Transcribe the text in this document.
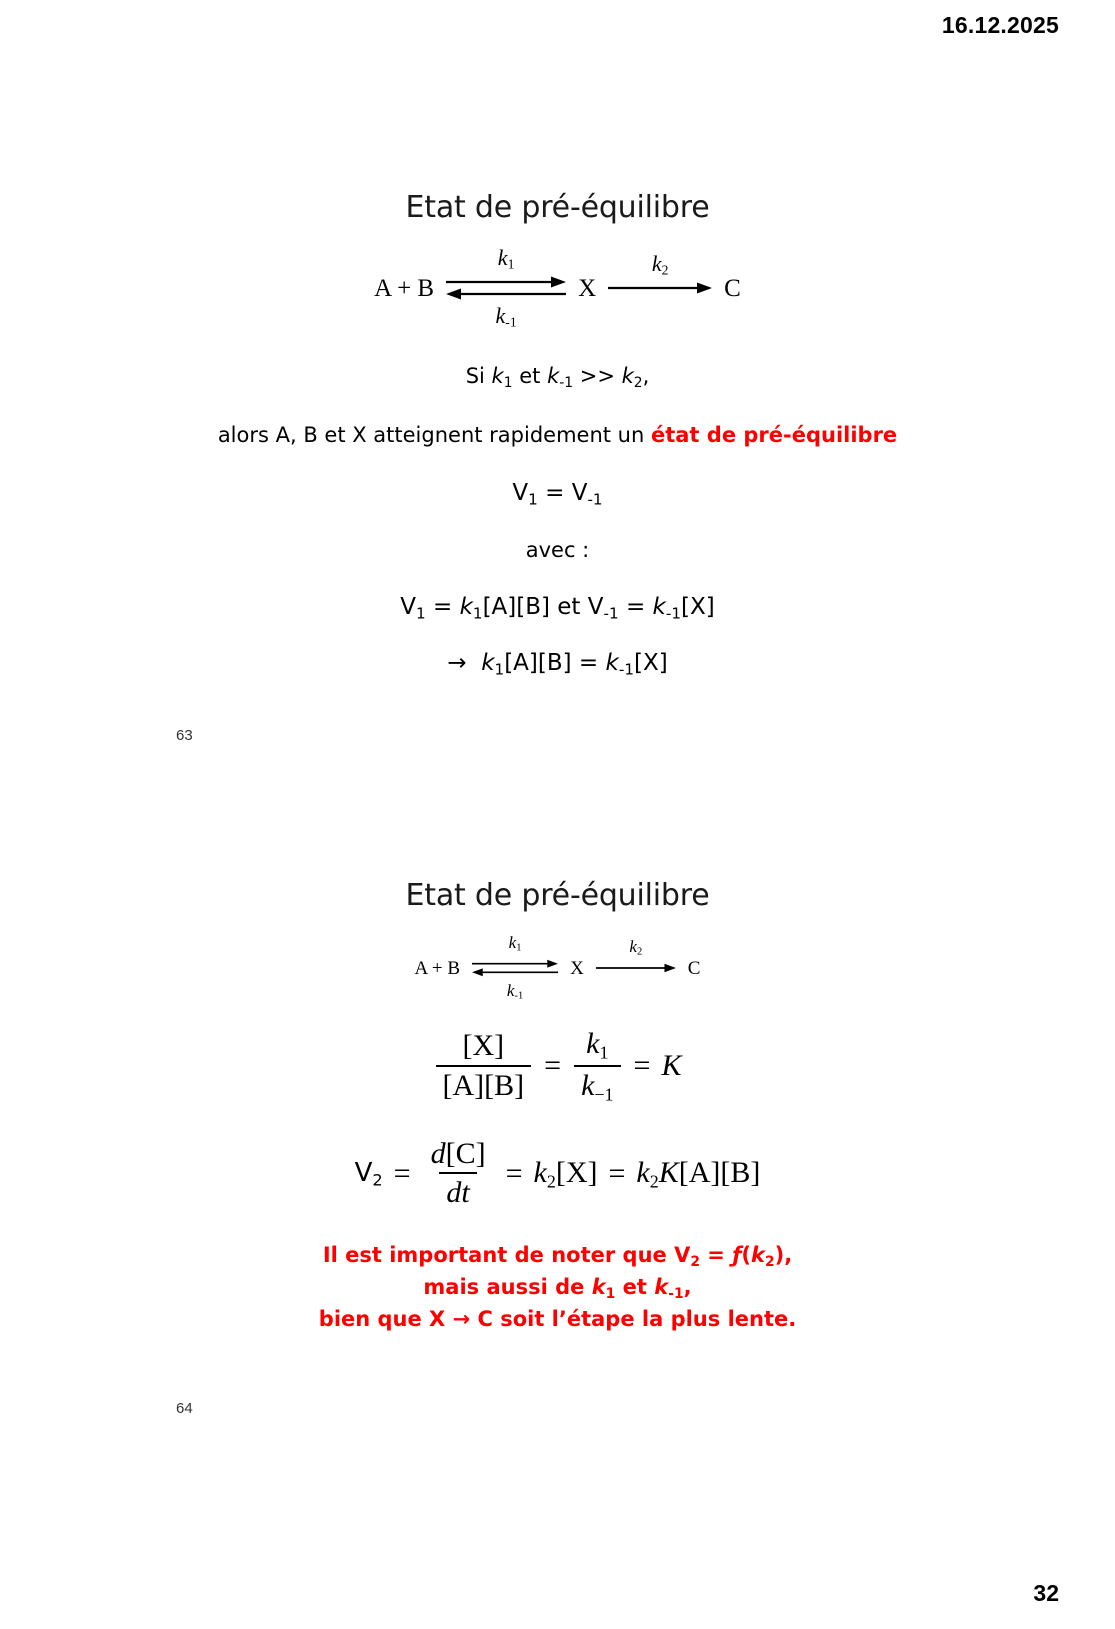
16.12.2025
Etat de pré-équilibre
A + B
$k_1$
$k_{-1}$
X
$k_2$
C
Si $k_1$ et $k_{-1} >> k_2$,
alors A, B et X atteignent rapidement un état de pré-équilibre
$V_1 = V_{-1}$
avec :
$V_1 = k_1[A][B]$ et $V_{-1} = k_{-1}[X]$
→ $k_1[A][B] = k_{-1}[X]$
63
Etat de pré-équilibre
A + B
$k_1$
$k_{-1}$
X
$k_2$
C
$\frac{[X]}{[A][B]} = \frac{k_1}{k_{-1}} = K$
$V_2 = \frac{d[C]}{dt} = k_2[X] = k_2K[A][B]$
Il est important de noter que $V_2$ = $ƒ(k_2)$,
mais aussi de $k_1$ et $k_{-1}$,
bien que X → C soit l’étape la plus lente.
64
32
